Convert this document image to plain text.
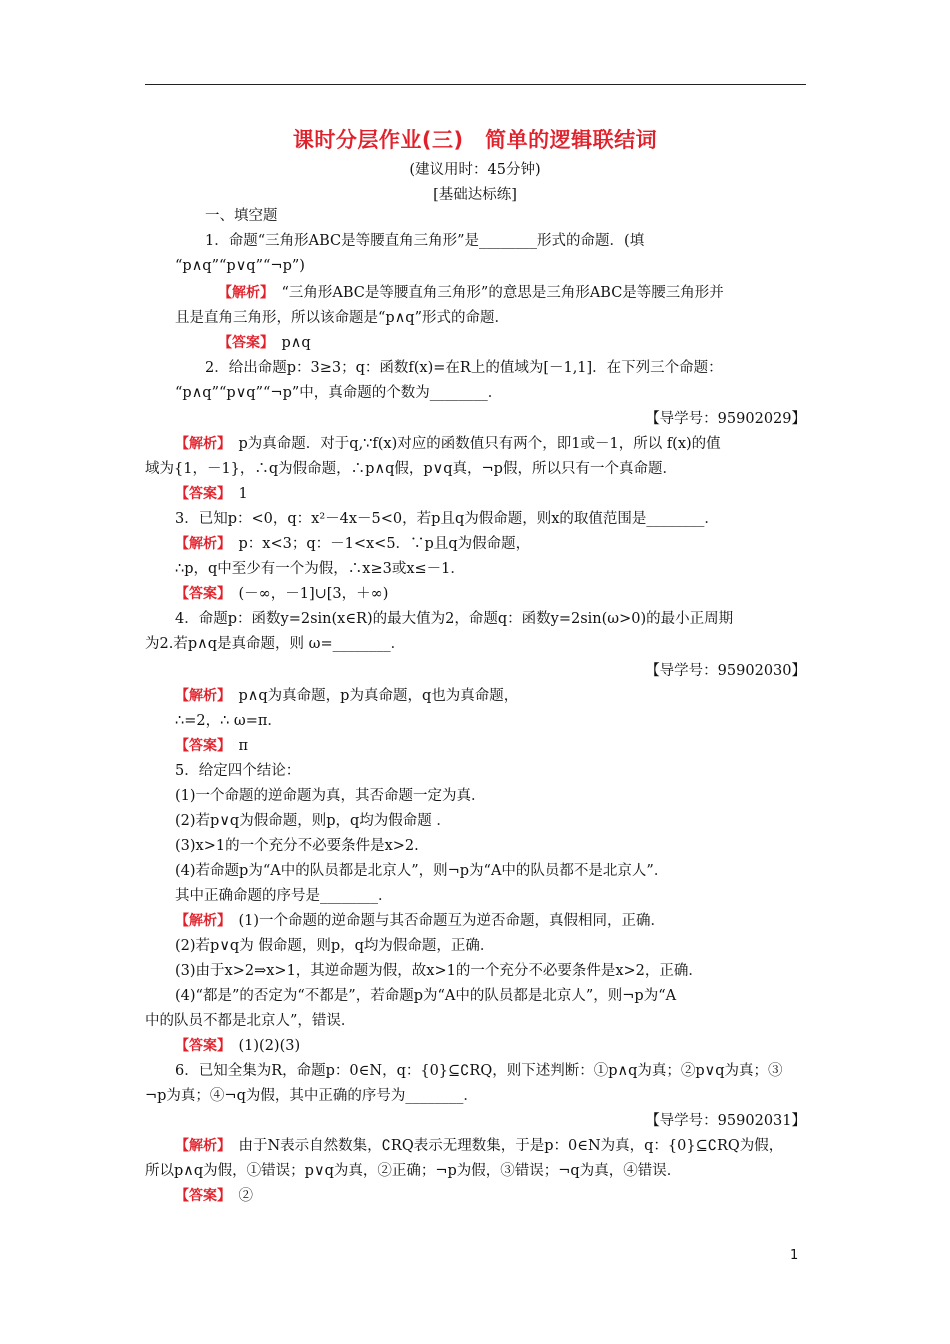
课时分层作业(三)　简单的逻辑联结词
(建议用时：45分钟)
[基础达标练]
一、填空题
1．命题“三角形ABC是等腰直角三角形”是________形式的命题．(填
“p∧q”“p∨q”“¬p”)
【解析】　 “三角形ABC是等腰直角三角形”的意思是三角形ABC是等腰三角形并
且是直角三角形，所以该命题是“p∧q”形式的命题．
【答案】　 p∧q
2．给出命题p：3≥3；q：函数f(x)=在R上的值域为[－1,1]．在下列三个命题：
“p∧q”“p∨q”“¬p”中，真命题的个数为________．
【导学号：95902029】
【解析】　 p为真命题．对于q,∵f(x)对应的函数值只有两个，即1或－1，所以 f(x)的值
域为{1，－1}，∴q为假命题，∴p∧q假，p∨q真，¬p假，所以只有一个真命题．
【答案】　 1
3．已知p：<0，q：x²－4x－5<0，若p且q为假命题，则x的取值范围是________．
【解析】　 p：x<3；q：－1<x<5．∵p且q为假命题，
∴p，q中至少有一个为假，∴x≥3或x≤－1．
【答案】　 (－∞，－1]∪[3，＋∞)
4．命题p：函数y=2sin(x∈R)的最大值为2，命题q：函数y=2sin(ω>0)的最小正周期
为2.若p∧q是真命题，则 ω=________．
【导学号：95902030】
【解析】　 p∧q为真命题，p为真命题，q也为真命题，
∴=2，∴ ω=π．
【答案】　 π
5．给定四个结论：
(1)一个命题的逆命题为真，其否命题一定为真．
(2)若p∨q为假命题，则p，q均为假命题 ．
(3)x>1的一个充分不必要条件是x>2.
(4)若命题p为“A中的队员都是北京人”，则¬p为“A中的队员都不是北京人”．
其中正确命题的序号是________．
【解析】　 (1)一个命题的逆命题与其否命题互为逆否命题，真假相同，正确．
(2)若p∨q为 假命题，则p，q均为假命题，正确．
(3)由于x>2⇒x>1，其逆命题为假，故x>1的一个充分不必要条件是x>2，正确．
(4)“都是”的否定为“不都是”，若命题p为“A中的队员都是北京人”，则¬p为“A
中的队员不都是北京人”，错误．
【答案】　 (1)(2)(3)
6．已知全集为R，命题p：0∈N，q：{0}⊆∁RQ，则下述判断：①p∧q为真；②p∨q为真；③
¬p为真；④¬q为假，其中正确的序号为________．
【导学号：95902031】
【解析】　 由于N表示自然数集，∁RQ表示无理数集，于是p：0∈N为真，q：{0}⊆∁RQ为假，
所以p∧q为假，①错误；p∨q为真，②正确；¬p为假，③错误；¬q为真，④错误．
【答案】　 ②
1
